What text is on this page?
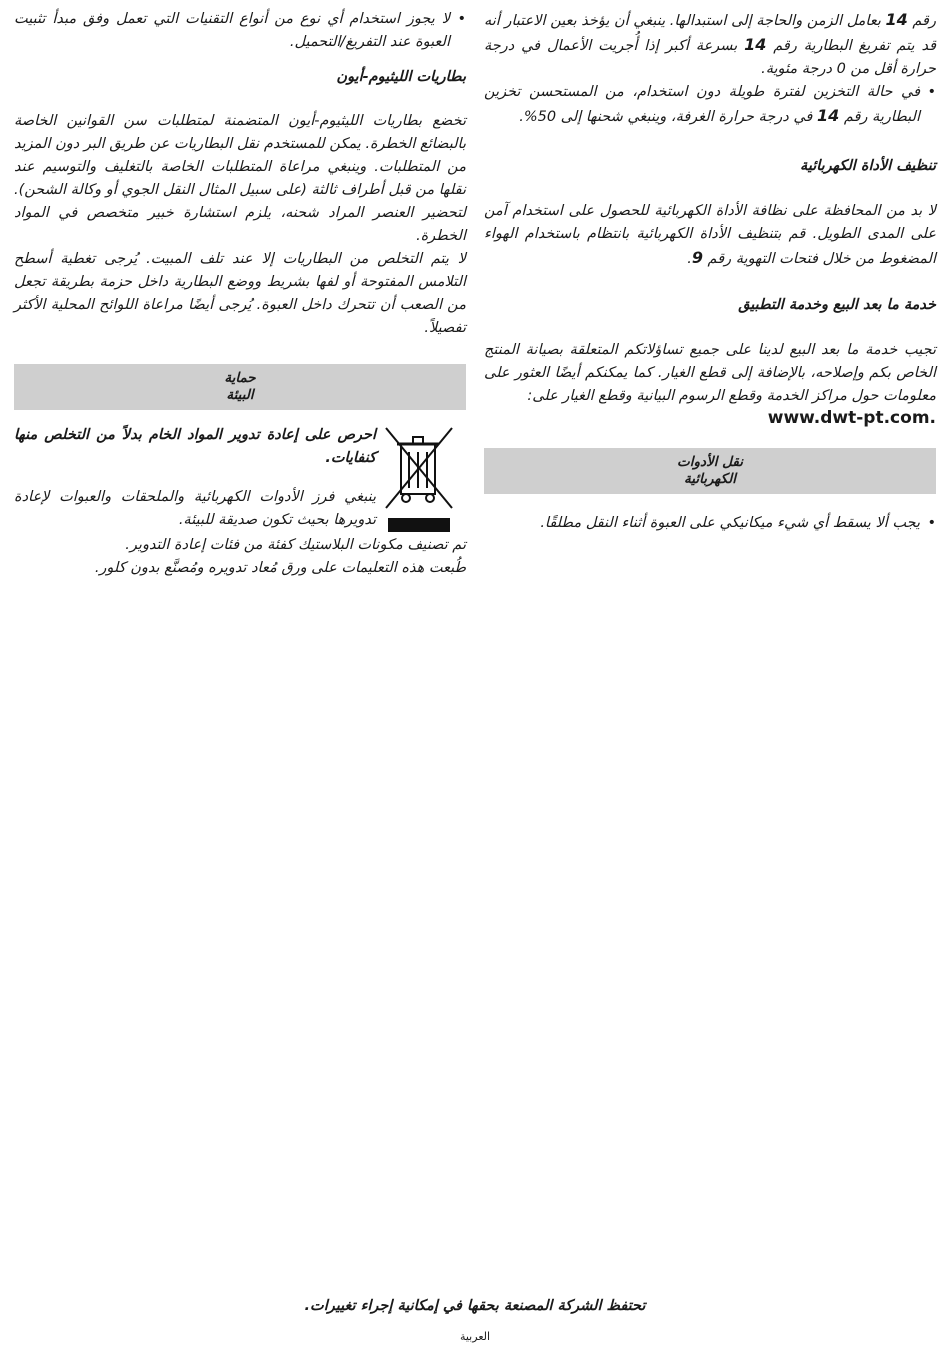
رقم 14 بعامل الزمن والحاجة إلى استبدالها. ينبغي أن يؤخذ بعين الاعتبار أنه قد يتم تفريغ البطارية رقم 14 بسرعة أكبر إذا أُجريت الأعمال في درجة حرارة أقل من 0 درجة مئوية.

• في حالة التخزين لفترة طويلة دون استخدام، من المستحسن تخزين البطارية رقم 14 في درجة حرارة الغرفة، وينبغي شحنها إلى 50%.

تنظيف الأداة الكهربائية

لا بد من المحافظة على نظافة الأداة الكهربائية للحصول على استخدام آمن على المدى الطويل. قم بتنظيف الأداة الكهربائية بانتظام باستخدام الهواء المضغوط من خلال فتحات التهوية رقم 9.

خدمة ما بعد البيع وخدمة التطبيق

تجيب خدمة ما بعد البيع لدينا على جميع تساؤلاتكم المتعلقة بصيانة المنتج الخاص بكم وإصلاحه، بالإضافة إلى قطع الغيار. كما يمكنكم أيضًا العثور على معلومات حول مراكز الخدمة وقطع الرسوم البيانية وقطع الغيار على:

www.dwt-pt.com.
نقل الأدوات
الكهربائية

• يجب ألا يسقط أي شيء ميكانيكي على العبوة أثناء النقل مطلقًا.

• لا يجوز استخدام أي نوع من أنواع التقنيات التي تعمل وفق مبدأ تثبيت العبوة عند التفريغ/التحميل.

بطاريات الليثيوم-أيون

تخضع بطاريات الليثيوم-أيون المتضمنة لمتطلبات سن القوانين الخاصة بالبضائع الخطرة. يمكن للمستخدم نقل البطاريات عن طريق البر دون المزيد من المتطلبات. وينبغي مراعاة المتطلبات الخاصة بالتغليف والتوسيم عند نقلها من قبل أطراف ثالثة (على سبيل المثال النقل الجوي أو وكالة الشحن). لتحضير العنصر المراد شحنه، يلزم استشارة خبير متخصص في المواد الخطرة.

لا يتم التخلص من البطاريات إلا عند تلف المبيت. يُرجى تغطية أسطح التلامس المفتوحة أو لفها بشريط ووضع البطارية داخل حزمة بطريقة تجعل من الصعب أن تتحرك داخل العبوة. يُرجى أيضًا مراعاة اللوائح المحلية الأكثر تفصيلاً.

حماية
البيئة

احرص على إعادة تدوير المواد الخام بدلاً من التخلص منها كنفايات.

ينبغي فرز الأدوات الكهربائية والملحقات والعبوات لإعادة تدويرها بحيث تكون صديقة للبيئة.

تم تصنيف مكونات البلاستيك كفئة من فئات إعادة التدوير.

طُبعت هذه التعليمات على ورق مُعاد تدويره ومُصنَّع بدون كلور.

تحتفظ الشركة المصنعة بحقها في إمكانية إجراء تغييرات.
العربية
